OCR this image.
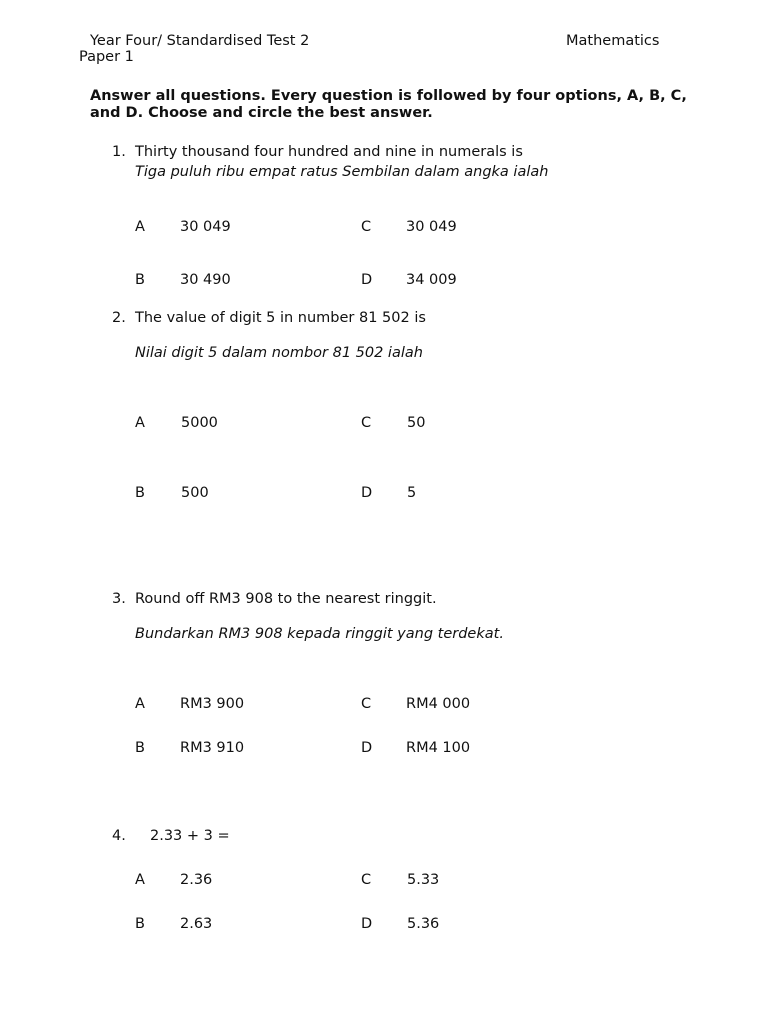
Year Four/ Standardised Test 2
Paper 1
Mathematics
Answer all questions. Every question is followed by four options, A, B, C, and D. Choose and circle the best answer.
1. Thirty thousand four hundred and nine in numerals is
Tiga puluh ribu empat ratus Sembilan dalam angka ialah
A 30 049	C 30 049
B 30 490	D 34 009
2. The value of digit 5 in number 81 502 is
Nilai digit 5 dalam nombor 81 502 ialah
A 5000	C 50
B 500	D 5
3. Round off RM3 908 to the nearest ringgit.
Bundarkan RM3 908 kepada ringgit yang terdekat.
A RM3 900	C RM4 000
B RM3 910	D RM4 100
4. 2.33 + 3 =
A 2.36	C 5.33
B 2.63	D 5.36
